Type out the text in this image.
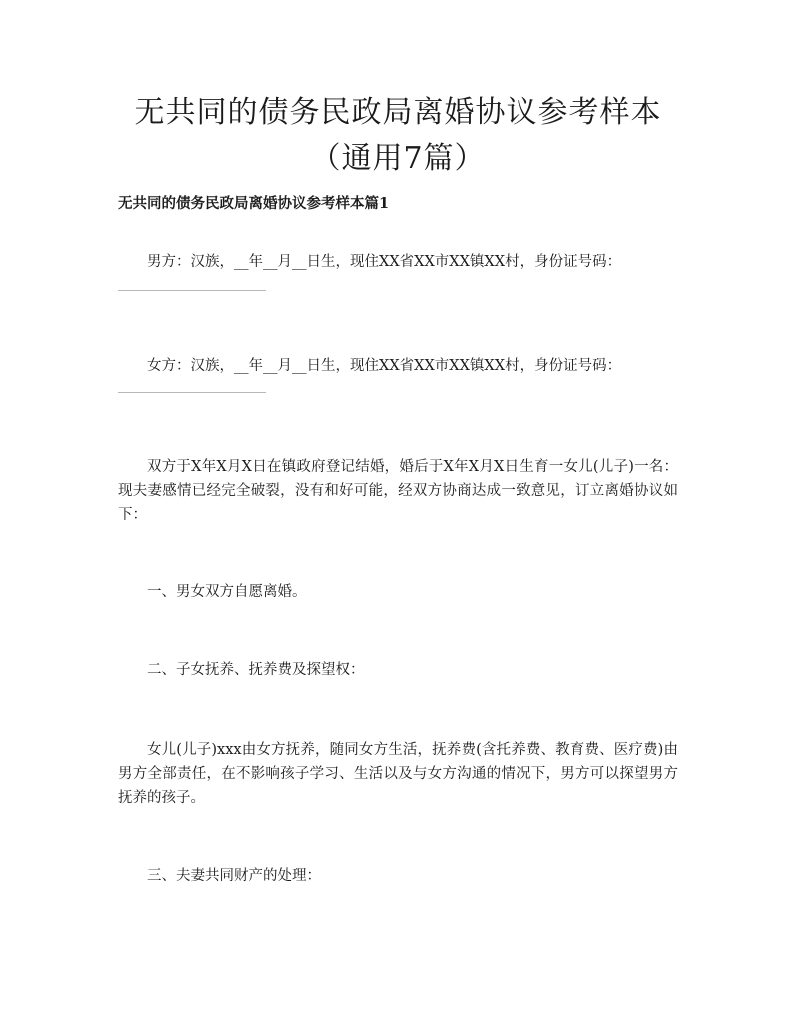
无共同的债务民政局离婚协议参考样本（通用7篇）
无共同的债务民政局离婚协议参考样本篇1

男方：汉族，__年__月__日生，现住XX省XX市XX镇XX村，身份证号码：

女方：汉族，__年__月__日生，现住XX省XX市XX镇XX村，身份证号码：

双方于X年X月X日在镇政府登记结婚，婚后于X年X月X日生育一女儿(儿子)一名：现夫妻感情已经完全破裂，没有和好可能，经双方协商达成一致意见，订立离婚协议如下：

一、男女双方自愿离婚。

二、子女抚养、抚养费及探望权：

女儿(儿子)xxx由女方抚养，随同女方生活，抚养费(含托养费、教育费、医疗费)由男方全部责任，在不影响孩子学习、生活以及与女方沟通的情况下，男方可以探望男方抚养的孩子。

三、夫妻共同财产的处理：
